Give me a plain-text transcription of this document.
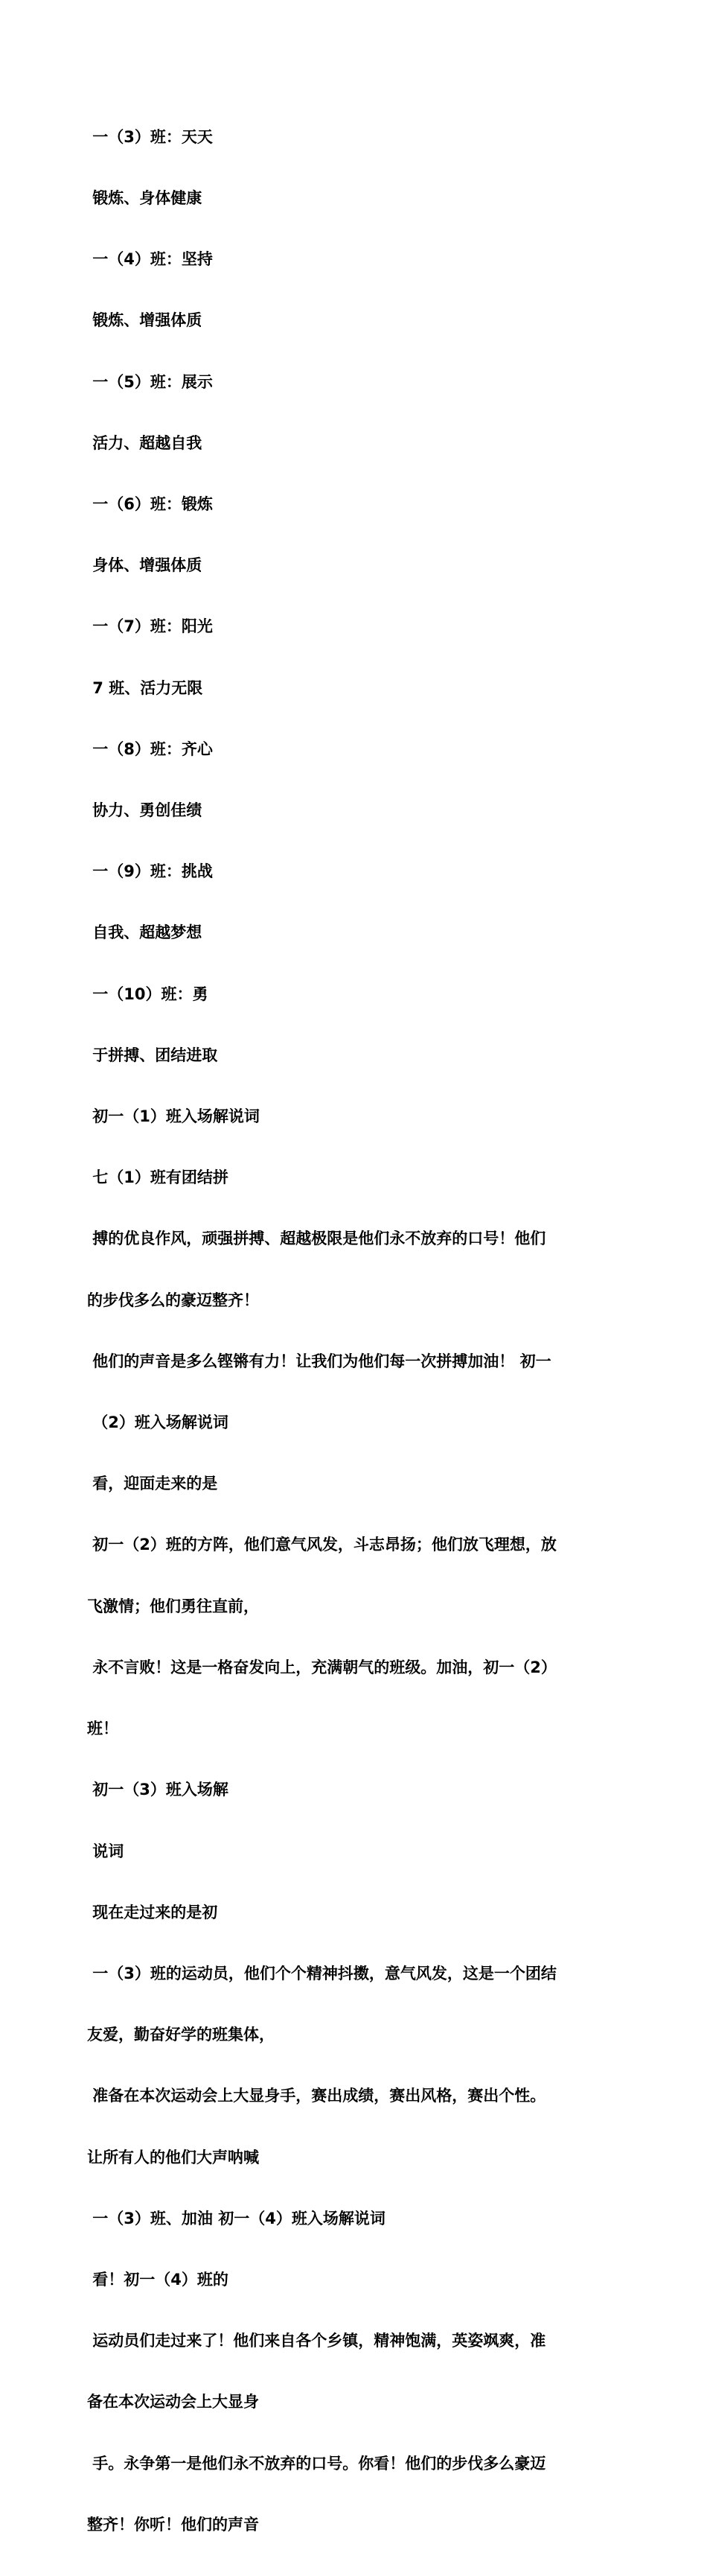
一（3）班：天天

锻炼、身体健康

一（4）班：坚持

锻炼、增强体质

一（5）班：展示

活力、超越自我

一（6）班：锻炼

身体、增强体质

一（7）班：阳光

7 班、活力无限

一（8）班：齐心

协力、勇创佳绩

一（9）班：挑战

自我、超越梦想

一（10）班：勇

于拼搏、团结进取

初一（1）班入场解说词

七（1）班有团结拼

搏的优良作风，顽强拼搏、超越极限是他们永不放弃的口号！他们

的步伐多么的豪迈整齐！

他们的声音是多么铿锵有力！让我们为他们每一次拼搏加油！ 初一

（2）班入场解说词

看，迎面走来的是

初一（2）班的方阵，他们意气风发，斗志昂扬；他们放飞理想，放

飞激情；他们勇往直前，

永不言败！这是一格奋发向上，充满朝气的班级。加油，初一（2）

班！

初一（3）班入场解

说词

现在走过来的是初

一（3）班的运动员，他们个个精神抖擞，意气风发，这是一个团结

友爱，勤奋好学的班集体，

准备在本次运动会上大显身手，赛出成绩，赛出风格，赛出个性。

让所有人的他们大声呐喊

一（3）班、加油 初一（4）班入场解说词

看！初一（4）班的

运动员们走过来了！他们来自各个乡镇，精神饱满，英姿飒爽，准

备在本次运动会上大显身

手。永争第一是他们永不放弃的口号。你看！他们的步伐多么豪迈

整齐！你听！他们的声音
